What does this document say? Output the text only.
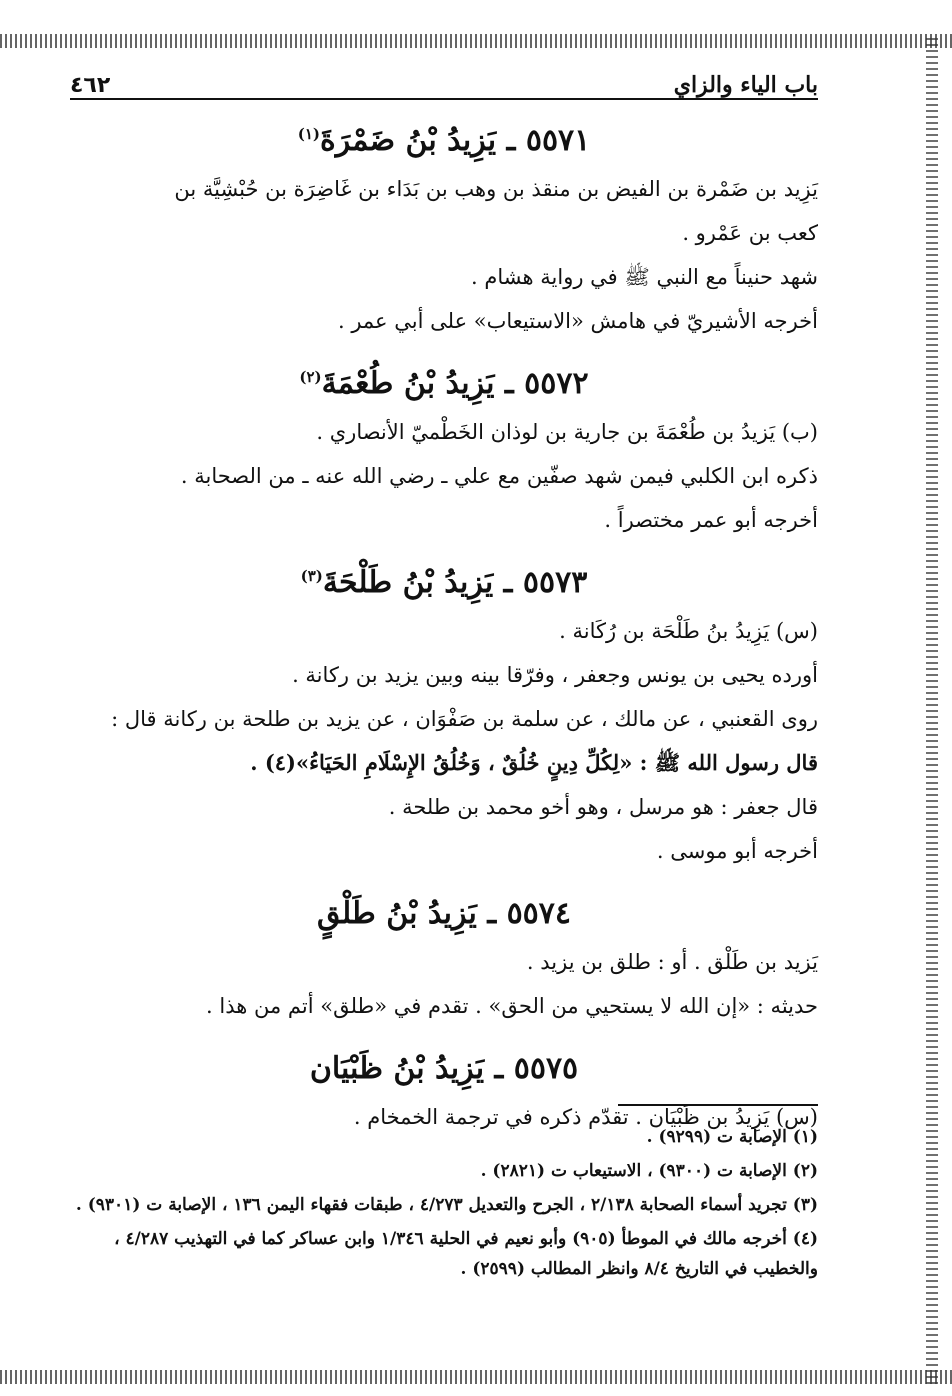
باب الياء والزاي
٤٦٢
٥٥٧١ ـ يَزِيدُ بْنُ ضَمْرَةَ$^{(١)}$

يَزِيد بن ضَمْرة بن الفيض بن منقذ بن وهب بن بَدَاء بن غَاضِرَة بن حُبْشِيَّة بن

كعب بن عَمْرو .

شهد حنيناً مع النبي ﷺ في رواية هشام .

أخرجه الأشيريّ في هامش «الاستيعاب» على أبي عمر .

٥٥٧٢ ـ يَزِيدُ بْنُ طُعْمَةَ$^{(٢)}$

(ب) يَزيدُ بن طُعْمَةَ بن جارية بن لوذان الخَطْميّ الأنصاري .

ذكره ابن الكلبي فيمن شهد صفّين مع علي ـ رضي الله عنه ـ من الصحابة .

أخرجه أبو عمر مختصراً .

٥٥٧٣ ـ يَزِيدُ بْنُ طَلْحَةَ$^{(٣)}$

(س) يَزِيدُ بنُ طَلْحَة بن رُكَانة .

أورده يحيى بن يونس وجعفر ، وفرّقا بينه وبين يزيد بن ركانة .

روى القعنبي ، عن مالك ، عن سلمة بن صَفْوَان ، عن يزيد بن طلحة بن ركانة قال :

قال رسول الله ﷺ : «لِكُلِّ دِينٍ خُلُقٌ ، وَخُلُقُ الإِسْلَامِ الحَيَاءُ»(٤) .

قال جعفر : هو مرسل ، وهو أخو محمد بن طلحة .

أخرجه أبو موسى .

٥٥٧٤ ـ يَزِيدُ بْنُ طَلْقٍ

يَزيد بن طَلْق . أو : طلق بن يزيد .

حديثه : «إن الله لا يستحيي من الحق» . تقدم في «طلق» أتم من هذا .

٥٥٧٥ ـ يَزِيدُ بْنُ ظَبْيَان

(س) يَزِيدُ بن ظَبْيَان . تقدّم ذكره في ترجمة الخمخام .

(١) الإصابة ت (٩٢٩٩) .

(٢) الإصابة ت (٩٣٠٠) ، الاستيعاب ت (٢٨٢١) .

(٣) تجريد أسماء الصحابة ٢/١٣٨ ، الجرح والتعديل ٤/٢٧٣ ، طبقات فقهاء اليمن ١٣٦ ، الإصابة ت (٩٣٠١) .

(٤) أخرجه مالك في الموطأ (٩٠٥) وأبو نعيم في الحلية ١/٣٤٦ وابن عساكر كما في التهذيب ٤/٢٨٧ ، والخطيب في التاريخ ٨/٤ وانظر المطالب (٢٥٩٩) .
